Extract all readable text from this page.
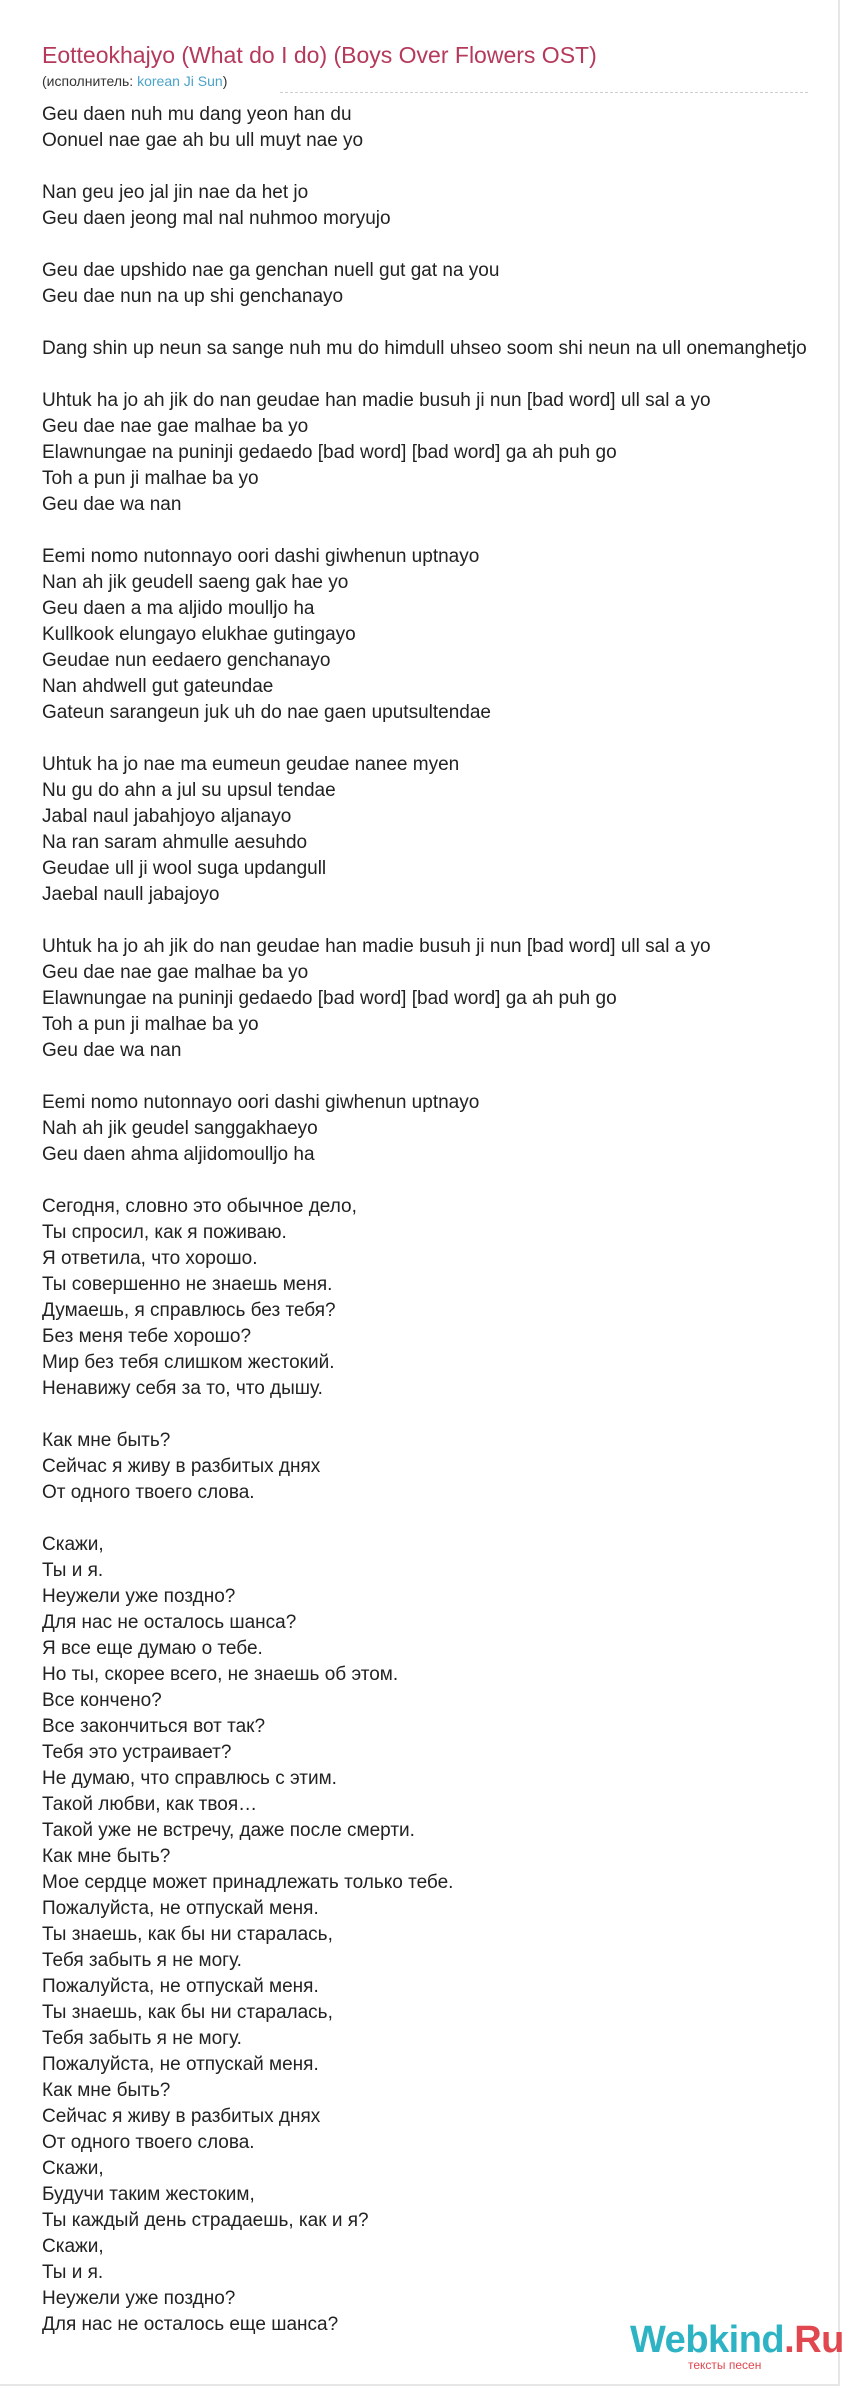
Eotteokhajyo (What do I do) (Boys Over Flowers OST)
(исполнитель: korean Ji Sun)
Geu daen nuh mu dang yeon han du
Oonuel nae gae ah bu ull muyt nae yo
Nan geu jeo jal jin nae da het jo
Geu daen jeong mal nal nuhmoo moryujo
Geu dae upshido nae ga genchan nuell gut gat na you
Geu dae nun na up shi genchanayo
Dang shin up neun sa sange nuh mu do himdull uhseo soom shi neun na ull onemanghetjo
Uhtuk ha jo ah jik do nan geudae han madie busuh ji nun [bad word] ull sal a yo
Geu dae nae gae malhae ba yo
Elawnungae na puninji gedaedo [bad word] [bad word] ga ah puh go
Toh a pun ji malhae ba yo
Geu dae wa nan
Eemi nomo nutonnayo oori dashi giwhenun uptnayo
Nan ah jik geudell saeng gak hae yo
Geu daen a ma aljido moulljo ha
Kullkook elungayo elukhae gutingayo
Geudae nun eedaero genchanayo
Nan ahdwell gut gateundae
Gateun sarangeun juk uh do nae gaen uputsultendae
Uhtuk ha jo nae ma eumeun geudae nanee myen
Nu gu do ahn a jul su upsul tendae
Jabal naul jabahjoyo aljanayo
Na ran saram ahmulle aesuhdo
Geudae ull ji wool suga updangull
Jaebal naull jabajoyo
Uhtuk ha jo ah jik do nan geudae han madie busuh ji nun [bad word] ull sal a yo
Geu dae nae gae malhae ba yo
Elawnungae na puninji gedaedo [bad word] [bad word] ga ah puh go
Toh a pun ji malhae ba yo
Geu dae wa nan
Eemi nomo nutonnayo oori dashi giwhenun uptnayo
Nah ah jik geudel sanggakhaeyo
Geu daen ahma aljidomoulljo ha
Сегодня, словно это обычное дело,
Ты спросил, как я поживаю.
Я ответила, что хорошо.
Ты совершенно не знаешь меня.
Думаешь, я справлюсь без тебя?
Без меня тебе хорошо?
Мир без тебя слишком жестокий.
Ненавижу себя за то, что дышу.
Как мне быть?
Сейчас я живу в разбитых днях
От одного твоего слова.
Скажи,
Ты и я.
Неужели уже поздно?
Для нас не осталось шанса?
Я все еще думаю о тебе.
Но ты, скорее всего, не знаешь об этом.
Все кончено?
Все закончиться вот так?
Тебя это устраивает?
Не думаю, что справлюсь с этим.
Такой любви, как твоя…
Такой уже не встречу, даже после смерти.
Как мне быть?
Мое сердце может принадлежать только тебе.
Пожалуйста, не отпускай меня.
Ты знаешь, как бы ни старалась,
Тебя забыть я не могу.
Пожалуйста, не отпускай меня.
Ты знаешь, как бы ни старалась,
Тебя забыть я не могу.
Пожалуйста, не отпускай меня.
Как мне быть?
Сейчас я живу в разбитых днях
От одного твоего слова.
Скажи,
Будучи таким жестоким,
Ты каждый день страдаешь, как и я?
Скажи,
Ты и я.
Неужели уже поздно?
Для нас не осталось еще шанса?	Webkind.Ru
тексты песен
